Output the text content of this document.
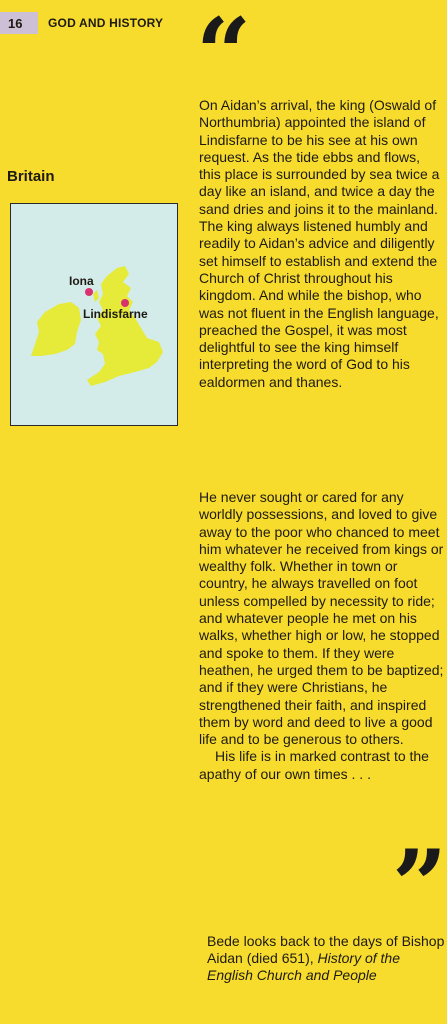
16	GOD AND HISTORY “
Britain
Iona
Lindisfarne

On Aidan’s arrival, the king (Oswald of Northumbria) appointed the island of Lindisfarne to be his see at his own request. As the tide ebbs and flows, this place is surrounded by sea twice a day like an island, and twice a day the sand dries and joins it to the mainland. The king always listened humbly and readily to Aidan’s advice and diligently set himself to establish and extend the Church of Christ throughout his kingdom. And while the bishop, who was not fluent in the English language, preached the Gospel, it was most delightful to see the king himself interpreting the word of God to his ealdormen and thanes.

He never sought or cared for any worldly possessions, and loved to give away to the poor who chanced to meet him whatever he received from kings or wealthy folk. Whether in town or country, he always travelled on foot unless compelled by necessity to ride; and whatever people he met on his walks, whether high or low, he stopped and spoke to them. If they were heathen, he urged them to be baptized; and if they were Christians, he strengthened their faith, and inspired them by word and deed to live a good life and to be generous to others.

His life is in marked contrast to the apathy of our own times . . .

”
Bede looks back to the days of Bishop Aidan (died 651), History of the English Church and People
